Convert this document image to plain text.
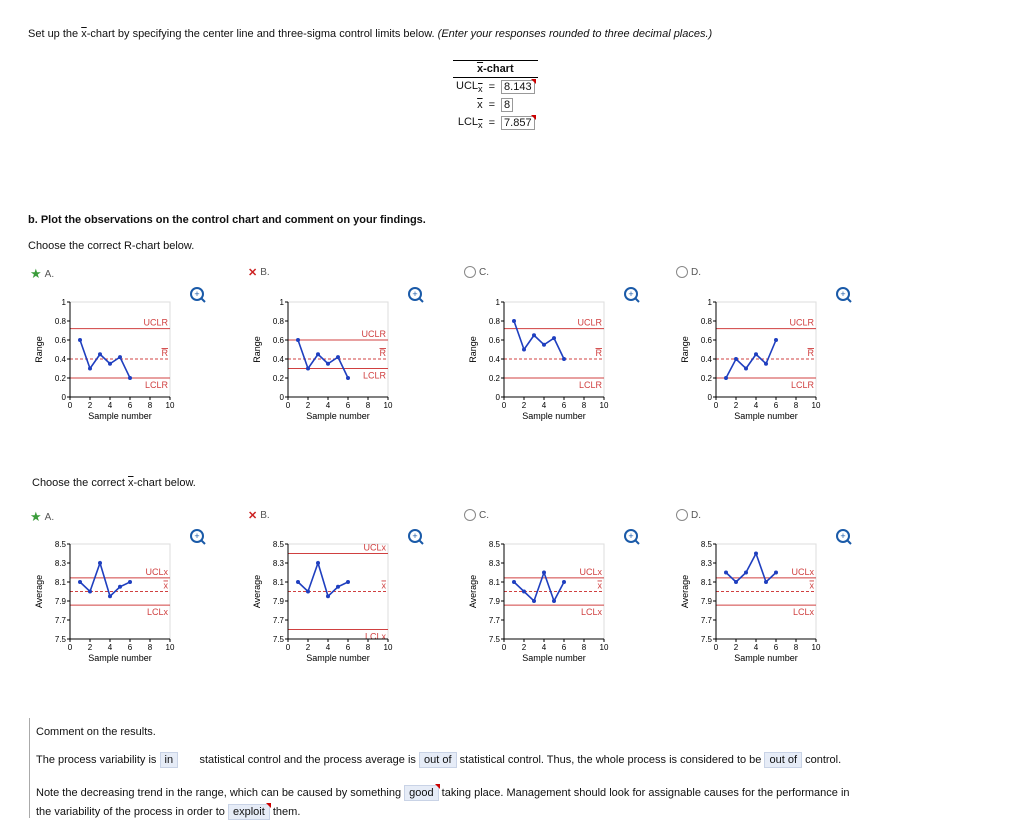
Set up the $\overline{x}$-chart by specifying the center line and three-sigma control limits below. (Enter your responses rounded to three decimal places.)
$\overline{x}$-chart		
$UCL_{\overline{x}}$	=	8.143
$\overline{x}$	=	8
$LCL_{\overline{x}}$	=	7.857
b. Plot the observations on the control chart and comment on your findings.
Choose the correct R-chart below.
★ A.	✕ B.	C.	D.
+
UCLR
R
LCLR
0
0.2
0.4
0.6
0.8
1
0 2 4 6 8 10
Sample number
Range
+
UCLR
R
LCLR
0
0.2
0.4
0.6
0.8
1
0 2 4 6 8 10
Sample number
Range
+
UCLR
R
LCLR
0
0.2
0.4
0.6
0.8
1
0 2 4 6 8 10
Sample number
Range
+
UCLR
R
LCLR
0
0.2
0.4
0.6
0.8
1
0 2 4 6 8 10
Sample number
Range
Choose the correct $\overline{x}$-chart below.
★ A.	✕ B.	C.	D.
+
UCLx
x
LCLx
7.5
7.7
7.9
8.1
8.3
8.5
0 2 4 6 8 10
Sample number
Average
+
UCLx
x
LCLx
7.5
7.7
7.9
8.1
8.3
8.5
0 2 4 6 8 10
Sample number
Average
+
UCLx
x
LCLx
7.5
7.7
7.9
8.1
8.3
8.5
0 2 4 6 8 10
Sample number
Average
+
UCLx
x
LCLx
7.5
7.7
7.9
8.1
8.3
8.5
0 2 4 6 8 10
Sample number
Average
Comment on the results.
The process variability is in statistical control and the process average is out of statistical control. Thus, the whole process is considered to be out of control.
Note the decreasing trend in the range, which can be caused by something good taking place. Management should look for assignable causes for the performance in
the variability of the process in order to exploit them.
